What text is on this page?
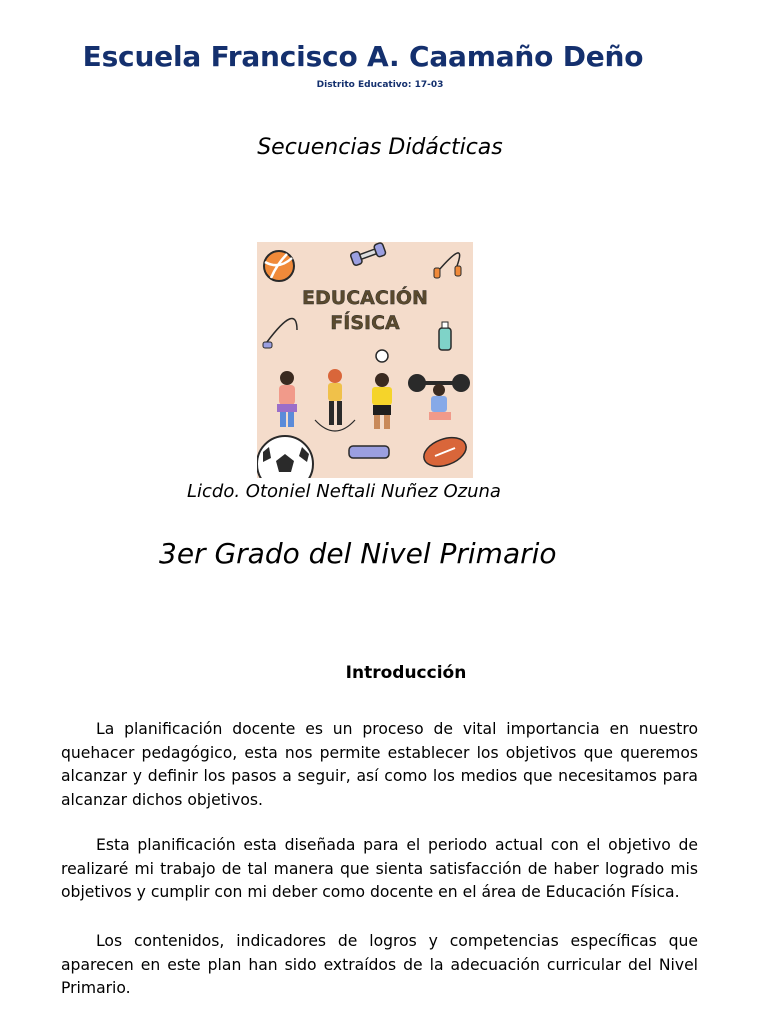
Escuela Francisco A. Caamaño Deño
Distrito Educativo: 17-03
Secuencias Didácticas
EDUCACIÓN
FÍSICA
Licdo. Otoniel Neftali Nuñez Ozuna
3er Grado del Nivel Primario
Introducción

La planificación docente es un proceso de vital importancia en nuestro quehacer pedagógico, esta nos permite establecer los objetivos que queremos alcanzar y definir los pasos a seguir, así como los medios que necesitamos para alcanzar dichos objetivos.

Esta planificación esta diseñada para el periodo actual con el objetivo de realizaré mi trabajo de tal manera que sienta satisfacción de haber logrado mis objetivos y cumplir con mi deber como docente en el área de Educación Física.

Los contenidos, indicadores de logros y competencias específicas que aparecen en este plan han sido extraídos de la adecuación curricular del Nivel Primario.
